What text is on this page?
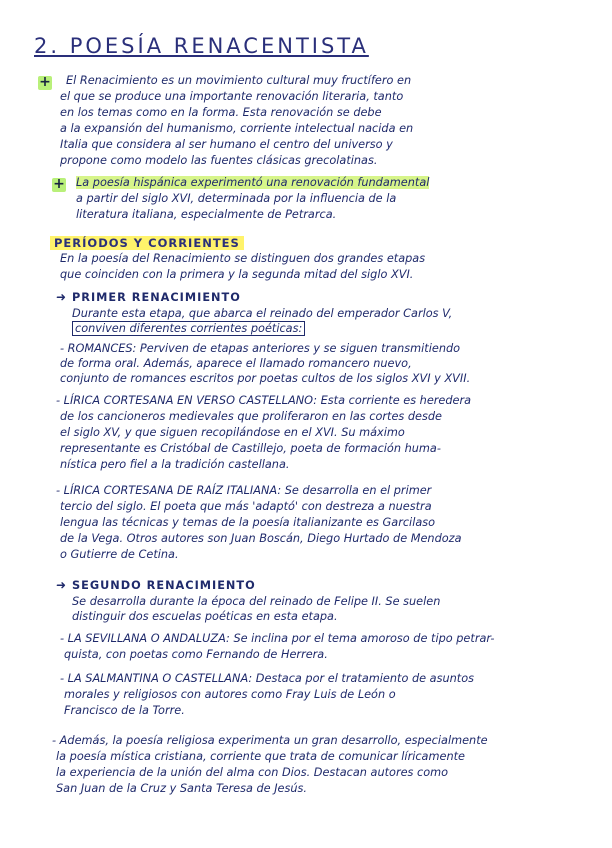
2. POESÍA RENACENTISTA
+ El Renacimiento es un movimiento cultural muy fructífero en
el que se produce una importante renovación literaria, tanto
en los temas como en la forma. Esta renovación se debe
a la expansión del humanismo, corriente intelectual nacida en
Italia que considera al ser humano el centro del universo y
propone como modelo las fuentes clásicas grecolatinas.
+ La poesía hispánica experimentó una renovación fundamental
a partir del siglo XVI, determinada por la influencia de la
literatura italiana, especialmente de Petrarca.
PERÍODOS Y CORRIENTES
En la poesía del Renacimiento se distinguen dos grandes etapas
que coinciden con la primera y la segunda mitad del siglo XVI.
➜ PRIMER RENACIMIENTO
Durante esta etapa, que abarca el reinado del emperador Carlos V,
conviven diferentes corrientes poéticas:
- ROMANCES: Perviven de etapas anteriores y se siguen transmitiendo
de forma oral. Además, aparece el llamado romancero nuevo,
conjunto de romances escritos por poetas cultos de los siglos XVI y XVII.
- LÍRICA CORTESANA EN VERSO CASTELLANO: Esta corriente es heredera
de los cancioneros medievales que proliferaron en las cortes desde
el siglo XV, y que siguen recopilándose en el XVI. Su máximo
representante es Cristóbal de Castillejo, poeta de formación huma-
nística pero fiel a la tradición castellana.
- LÍRICA CORTESANA DE RAÍZ ITALIANA: Se desarrolla en el primer
tercio del siglo. El poeta que más 'adaptó' con destreza a nuestra
lengua las técnicas y temas de la poesía italianizante es Garcilaso
de la Vega. Otros autores son Juan Boscán, Diego Hurtado de Mendoza
o Gutierre de Cetina.
➜ SEGUNDO RENACIMIENTO
Se desarrolla durante la época del reinado de Felipe II. Se suelen
distinguir dos escuelas poéticas en esta etapa.
- LA SEVILLANA O ANDALUZA: Se inclina por el tema amoroso de tipo petrar-
quista, con poetas como Fernando de Herrera.
- LA SALMANTINA O CASTELLANA: Destaca por el tratamiento de asuntos
morales y religiosos con autores como Fray Luis de León o
Francisco de la Torre.
- Además, la poesía religiosa experimenta un gran desarrollo, especialmente
la poesía mística cristiana, corriente que trata de comunicar líricamente
la experiencia de la unión del alma con Dios. Destacan autores como
San Juan de la Cruz y Santa Teresa de Jesús.
